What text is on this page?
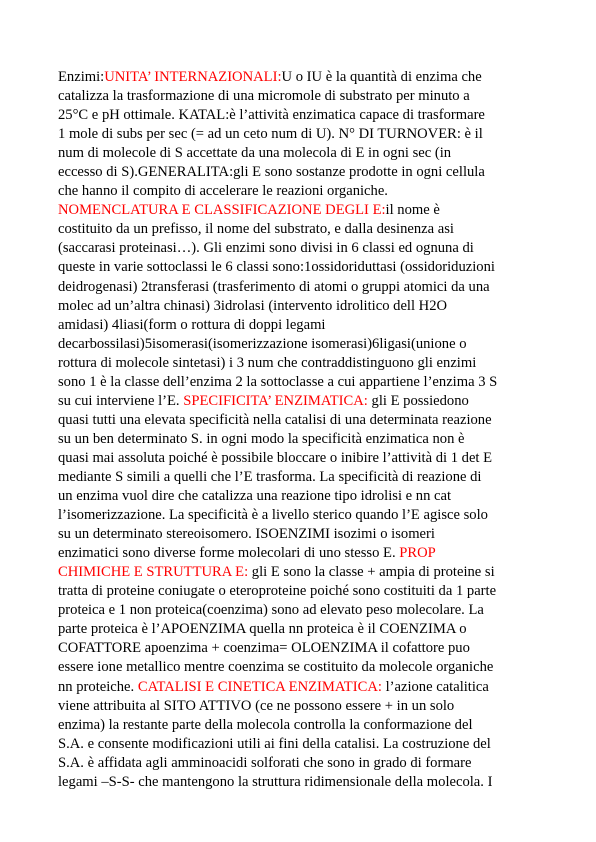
Enzimi:UNITA’ INTERNAZIONALI:U o IU è la quantità di enzima che
catalizza la trasformazione di una micromole di substrato per minuto a
25°C e pH ottimale. KATAL:è l’attività enzimatica capace di trasformare
1 mole di subs per sec (= ad un ceto num di U). N° DI TURNOVER: è il
num di molecole di S accettate da una molecola di E in ogni sec (in
eccesso di S).GENERALITA:gli E sono sostanze prodotte in ogni cellula
che hanno il compito di accelerare le reazioni organiche.
NOMENCLATURA E CLASSIFICAZIONE DEGLI E:il nome è
costituito da un prefisso, il nome del substrato, e dalla desinenza asi
(saccarasi proteinasi…). Gli enzimi sono divisi in 6 classi ed ognuna di
queste in varie sottoclassi le 6 classi sono:1ossidoriduttasi (ossidoriduzioni
deidrogenasi) 2transferasi (trasferimento di atomi o gruppi atomici da una
molec ad un’altra chinasi) 3idrolasi (intervento idrolitico dell H2O
amidasi) 4liasi(form o rottura di doppi legami
decarbossilasi)5isomerasi(isomerizzazione isomerasi)6ligasi(unione o
rottura di molecole sintetasi) i 3 num che contraddistinguono gli enzimi
sono 1 è la classe dell’enzima 2 la sottoclasse a cui appartiene l’enzima 3 S
su cui interviene l’E. SPECIFICITA’ ENZIMATICA: gli E possiedono
quasi tutti una elevata specificità nella catalisi di una determinata reazione
su un ben determinato S. in ogni modo la specificità enzimatica non è
quasi mai assoluta poiché è possibile bloccare o inibire l’attività di 1 det E
mediante S simili a quelli che l’E trasforma. La specificità di reazione di
un enzima vuol dire che catalizza una reazione tipo idrolisi e nn cat
l’isomerizzazione. La specificità è a livello sterico quando l’E agisce solo
su un determinato stereoisomero. ISOENZIMI isozimi o isomeri
enzimatici sono diverse forme molecolari di uno stesso E. PROP
CHIMICHE E STRUTTURA E: gli E sono la classe + ampia di proteine si
tratta di proteine coniugate o eteroproteine poiché sono costituiti da 1 parte
proteica e 1 non proteica(coenzima) sono ad elevato peso molecolare. La
parte proteica è l’APOENZIMA quella nn proteica è il COENZIMA o
COFATTORE apoenzima + coenzima= OLOENZIMA il cofattore puo
essere ione metallico mentre coenzima se costituito da molecole organiche
nn proteiche. CATALISI E CINETICA ENZIMATICA: l’azione catalitica
viene attribuita al SITO ATTIVO (ce ne possono essere + in un solo
enzima) la restante parte della molecola controlla la conformazione del
S.A. e consente modificazioni utili ai fini della catalisi. La costruzione del
S.A. è affidata agli amminoacidi solforati che sono in grado di formare
legami –S-S- che mantengono la struttura ridimensionale della molecola. I
